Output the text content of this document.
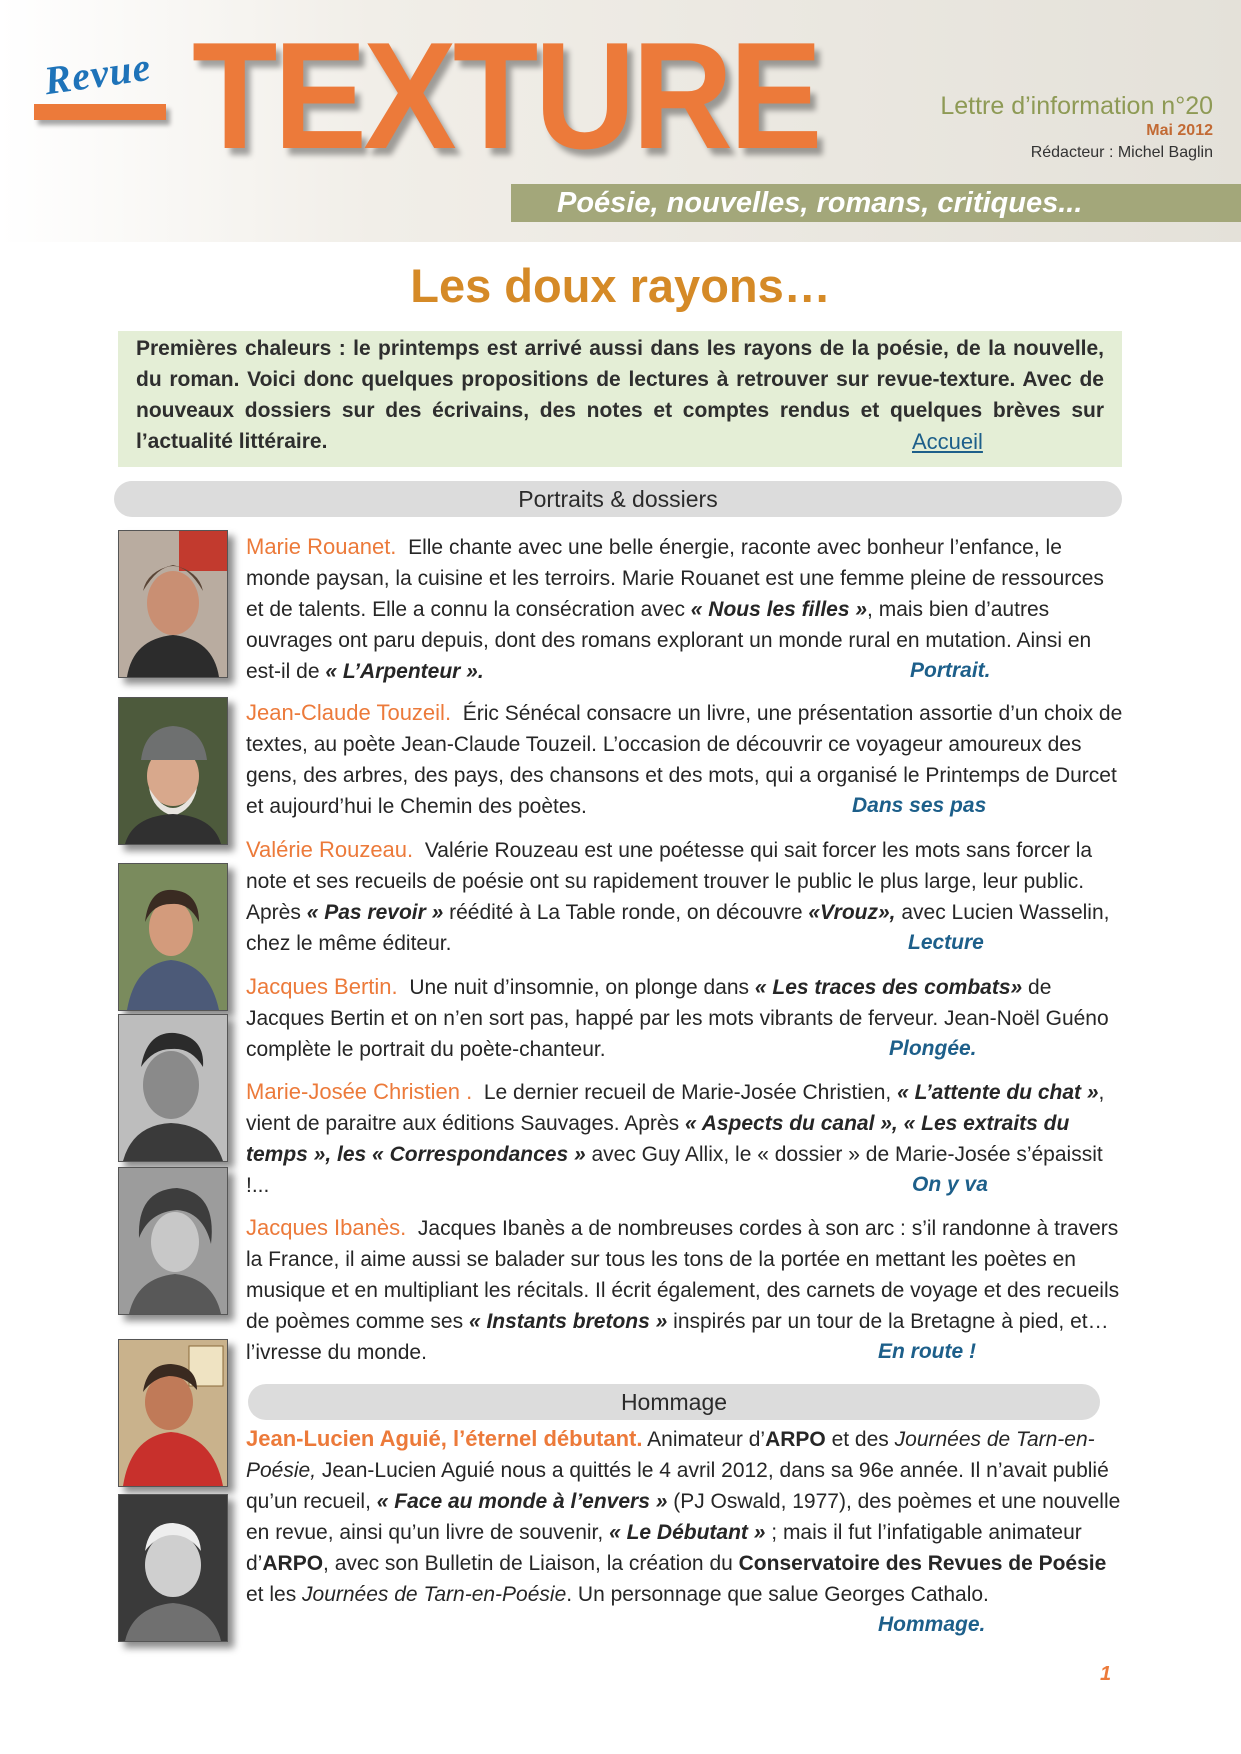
Revue TEXTURE	Lettre d’information n°20
Mai 2012
Rédacteur : Michel Baglin
Poésie, nouvelles, romans, critiques...
Les doux rayons…
Premières chaleurs : le printemps est arrivé aussi dans les rayons de la poésie, de la nouvelle, du roman. Voici donc quelques propositions de lectures à retrouver sur revue-texture. Avec de nouveaux dossiers sur des écrivains, des notes et comptes rendus et quelques brèves sur l’actualité littéraire.	Accueil
Portraits & dossiers
Marie Rouanet. Elle chante avec une belle énergie, raconte avec bonheur l’enfance, le monde paysan, la cuisine et les terroirs. Marie Rouanet est une femme pleine de ressources et de talents. Elle a connu la consécration avec « Nous les filles », mais bien d’autres ouvrages ont paru depuis, dont des romans explorant un monde rural en mutation. Ainsi en est-il de « L’Arpenteur ».	Portrait.
Jean-Claude Touzeil. Éric Sénécal consacre un livre, une présentation assortie d’un choix de textes, au poète Jean-Claude Touzeil. L’occasion de découvrir ce voyageur amoureux des gens, des arbres, des pays, des chansons et des mots, qui a organisé le Printemps de Durcet et aujourd’hui le Chemin des poètes.	Dans ses pas
Valérie Rouzeau. Valérie Rouzeau est une poétesse qui sait forcer les mots sans forcer la note et ses recueils de poésie ont su rapidement trouver le public le plus large, leur public. Après « Pas revoir » réédité à La Table ronde, on découvre «Vrouz», avec Lucien Wasselin, chez le même éditeur.	Lecture
Jacques Bertin. Une nuit d’insomnie, on plonge dans « Les traces des combats» de Jacques Bertin et on n’en sort pas, happé par les mots vibrants de ferveur. Jean-Noël Guéno complète le portrait du poète-chanteur.	Plongée.
Marie-Josée Christien . Le dernier recueil de Marie-Josée Christien, « L’attente du chat », vient de paraitre aux éditions Sauvages. Après « Aspects du canal », « Les extraits du temps », les « Correspondances » avec Guy Allix, le « dossier » de Marie-Josée s’épaissit !...	On y va
Jacques Ibanès. Jacques Ibanès a de nombreuses cordes à son arc : s’il randonne à travers la France, il aime aussi se balader sur tous les tons de la portée en mettant les poètes en musique et en multipliant les récitals. Il écrit également, des carnets de voyage et des recueils de poèmes comme ses « Instants bretons » inspirés par un tour de la Bretagne à pied, et… l’ivresse du monde.	En route !
Hommage
Jean-Lucien Aguié, l’éternel débutant. Animateur d’ARPO et des Journées de Tarn-en-Poésie, Jean-Lucien Aguié nous a quittés le 4 avril 2012, dans sa 96e année. Il n’avait publié qu’un recueil, « Face au monde à l’envers » (PJ Oswald, 1977), des poèmes et une nouvelle en revue, ainsi qu’un livre de souvenir, « Le Débutant » ; mais il fut l’infatigable animateur d’ARPO, avec son Bulletin de Liaison, la création du Conservatoire des Revues de Poésie et les Journées de Tarn-en-Poésie. Un personnage que salue Georges Cathalo.
Hommage.
1
